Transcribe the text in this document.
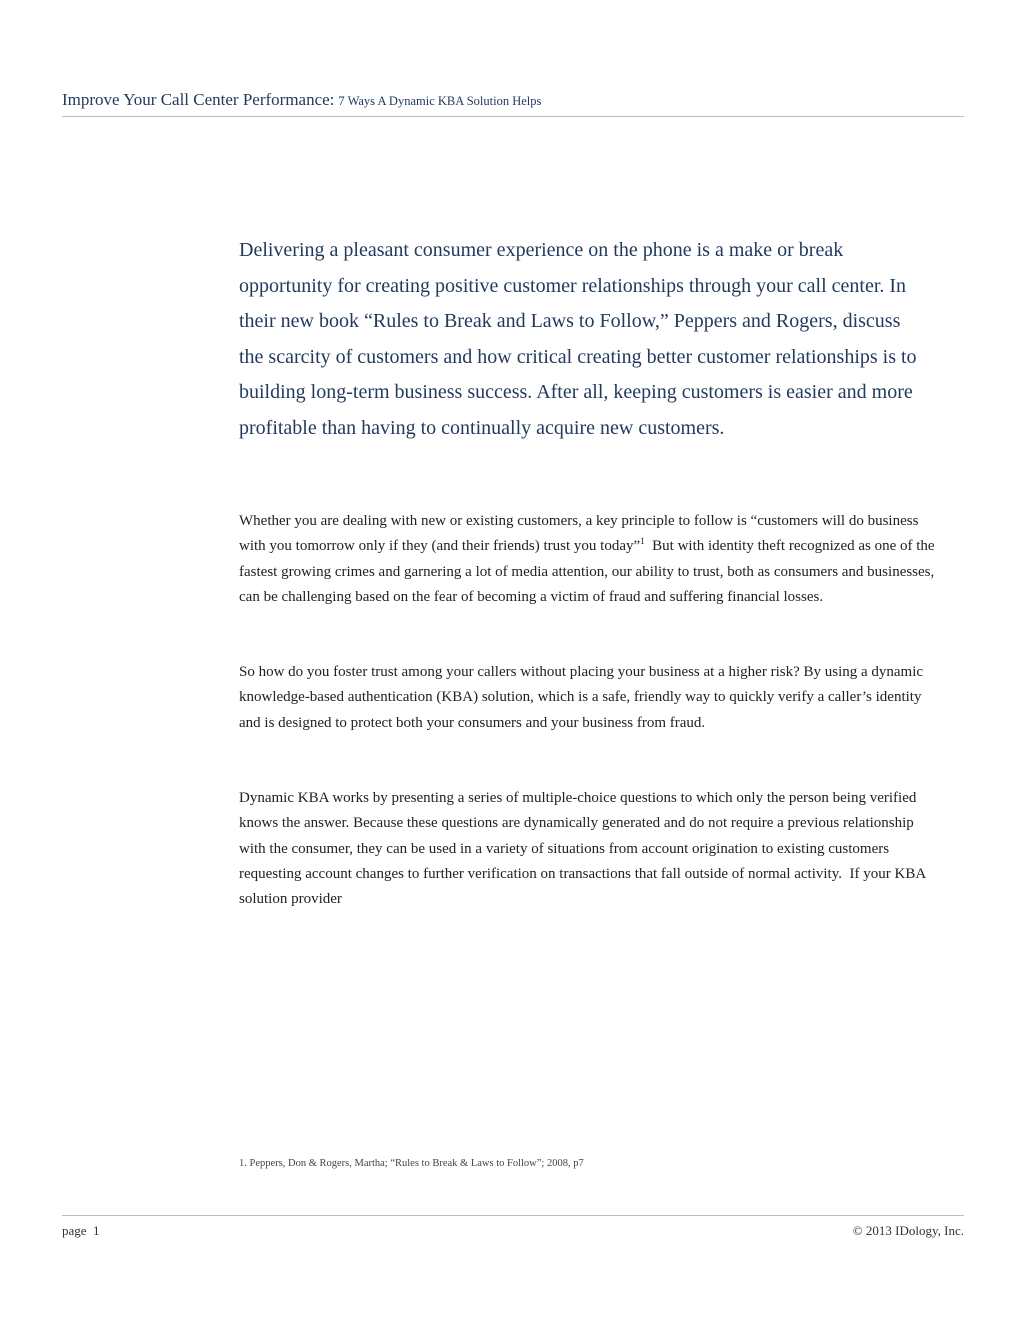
Improve Your Call Center Performance: 7 Ways A Dynamic KBA Solution Helps

Delivering a pleasant consumer experience on the phone is a make or break opportunity for creating positive customer relationships through your call center. In their new book “Rules to Break and Laws to Follow,” Peppers and Rogers, discuss the scarcity of customers and how critical creating better customer relationships is to building long-term business success. After all, keeping customers is easier and more profitable than having to continually acquire new customers.

Whether you are dealing with new or existing customers, a key principle to follow is “customers will do business with you tomorrow only if they (and their friends) trust you today”$^1$  But with identity theft recognized as one of the fastest growing crimes and garnering a lot of media attention, our ability to trust, both as consumers and businesses, can be challenging based on the fear of becoming a victim of fraud and suffering financial losses.

So how do you foster trust among your callers without placing your business at a higher risk? By using a dynamic knowledge-based authentication (KBA) solution, which is a safe, friendly way to quickly verify a caller’s identity and is designed to protect both your consumers and your business from fraud.

Dynamic KBA works by presenting a series of multiple-choice questions to which only the person being verified knows the answer. Because these questions are dynamically generated and do not require a previous relationship with the consumer, they can be used in a variety of situations from account origination to existing customers requesting account changes to further verification on transactions that fall outside of normal activity.  If your KBA solution provider

1. Peppers, Don & Rogers, Martha; “Rules to Break & Laws to Follow”; 2008, p7
page  1	© 2013 IDology, Inc.
